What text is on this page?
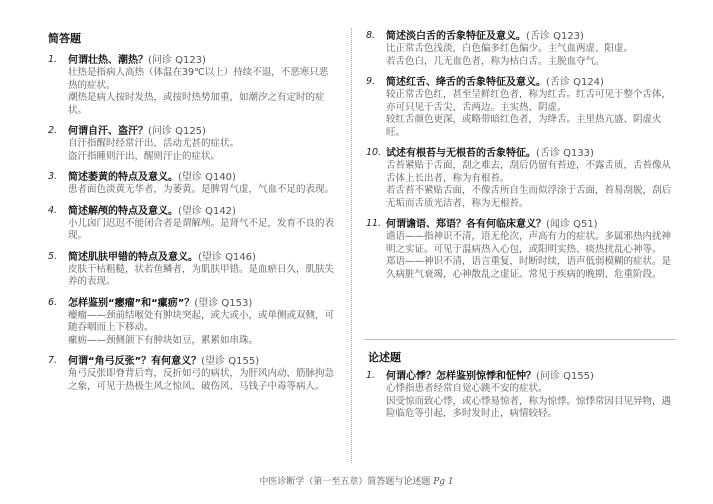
简答题
1. 何谓壮热、潮热？(问诊 Q123)

壮热是指病人高热（体温在39℃以上）持续不退，不恶寒只恶热的症状。

潮热是病人按时发热，或按时热势加重，如潮汐之有定时的症状。

2. 何谓自汗、盗汗？(问诊 Q125)

自汗指醒时经常汗出，活动尤甚的症状。

盗汗指睡则汗出，醒则汗止的症状。

3. 简述萎黄的特点及意义。(望诊 Q140)

患者面色淡黄无华者，为萎黄。是脾胃气虚，气血不足的表现。

4. 简述解颅的特点及意义。(望诊 Q142)

小儿囟门迟迟不能闭合者是谓解颅。是肾气不足，发育不良的表现。

5. 简述肌肤甲错的特点及意义。(望诊 Q146)

皮肤干枯粗糙，状若鱼鳞者，为肌肤甲错。是血瘀日久，肌肤失养的表现。

6. 怎样鉴别“瘿瘤”和“瘰疬”？(望诊 Q153)

瘿瘤——颈前结喉处有肿块突起，或大或小，或单侧或双侧，可随吞咽而上下移动。

瘰疬——颈侧颌下有肿块如豆，累累如串珠。

7. 何谓“角弓反张”？有何意义？(望诊 Q155)

角弓反张即脊背后弯，反折如弓的病状，为肝风内动、筋脉拘急之象，可见于热极生风之惊风、破伤风、马钱子中毒等病人。

8. 简述淡白舌的舌象特征及意义。(舌诊 Q123)

比正常舌色浅淡，白色偏多红色偏少。主气血两虚、阳虚。

若舌色白，几无血色者，称为枯白舌。主脱血夺气。

9. 简述红舌、绛舌的舌象特征及意义。(舌诊 Q124)

较正常舌色红，甚至呈鲜红色者，称为红舌。红舌可见于整个舌体，亦可只见于舌尖、舌两边。主实热、阴虚。

较红舌颜色更深，或略带暗红色者，为绛舌。主里热亢盛、阴虚火旺。

10. 试述有根苔与无根苔的舌象特征。(舌诊 Q133)

舌苔紧贴于舌面，刮之难去，刮后仍留有苔迹，不露舌质，舌苔像从舌体上长出者，称为有根苔。

若舌苔不紧贴舌面，不像舌所自生而似浮涂于舌面，苔易刮脱，刮后无垢而舌质光洁者，称为无根苔。

11. 何谓谵语、郑语？各有何临床意义？(闻诊 Q51)

谵语——指神识不清，语无伦次，声高有力的症状。多属邪热内扰神明之实证。可见于温病热入心包，或阳明实热、痰热扰乱心神等。

郑语——神识不清，语言重复，时断时续，语声低弱模糊的症状。是久病脏气衰竭，心神散乱之虚证。常见于疾病的晚期、危重阶段。

论述题
1. 何谓心悸？怎样鉴别惊悸和怔忡？(问诊 Q155)

心悸指患者经常自觉心跳不安的症状。

因受惊而致心悸，或心悸易惊者，称为惊悸。惊悸常因目见异物，遇险临危等引起，多时发时止，病情较轻。

中医诊断学（第一至五章）简答题与论述题 Pg 1
